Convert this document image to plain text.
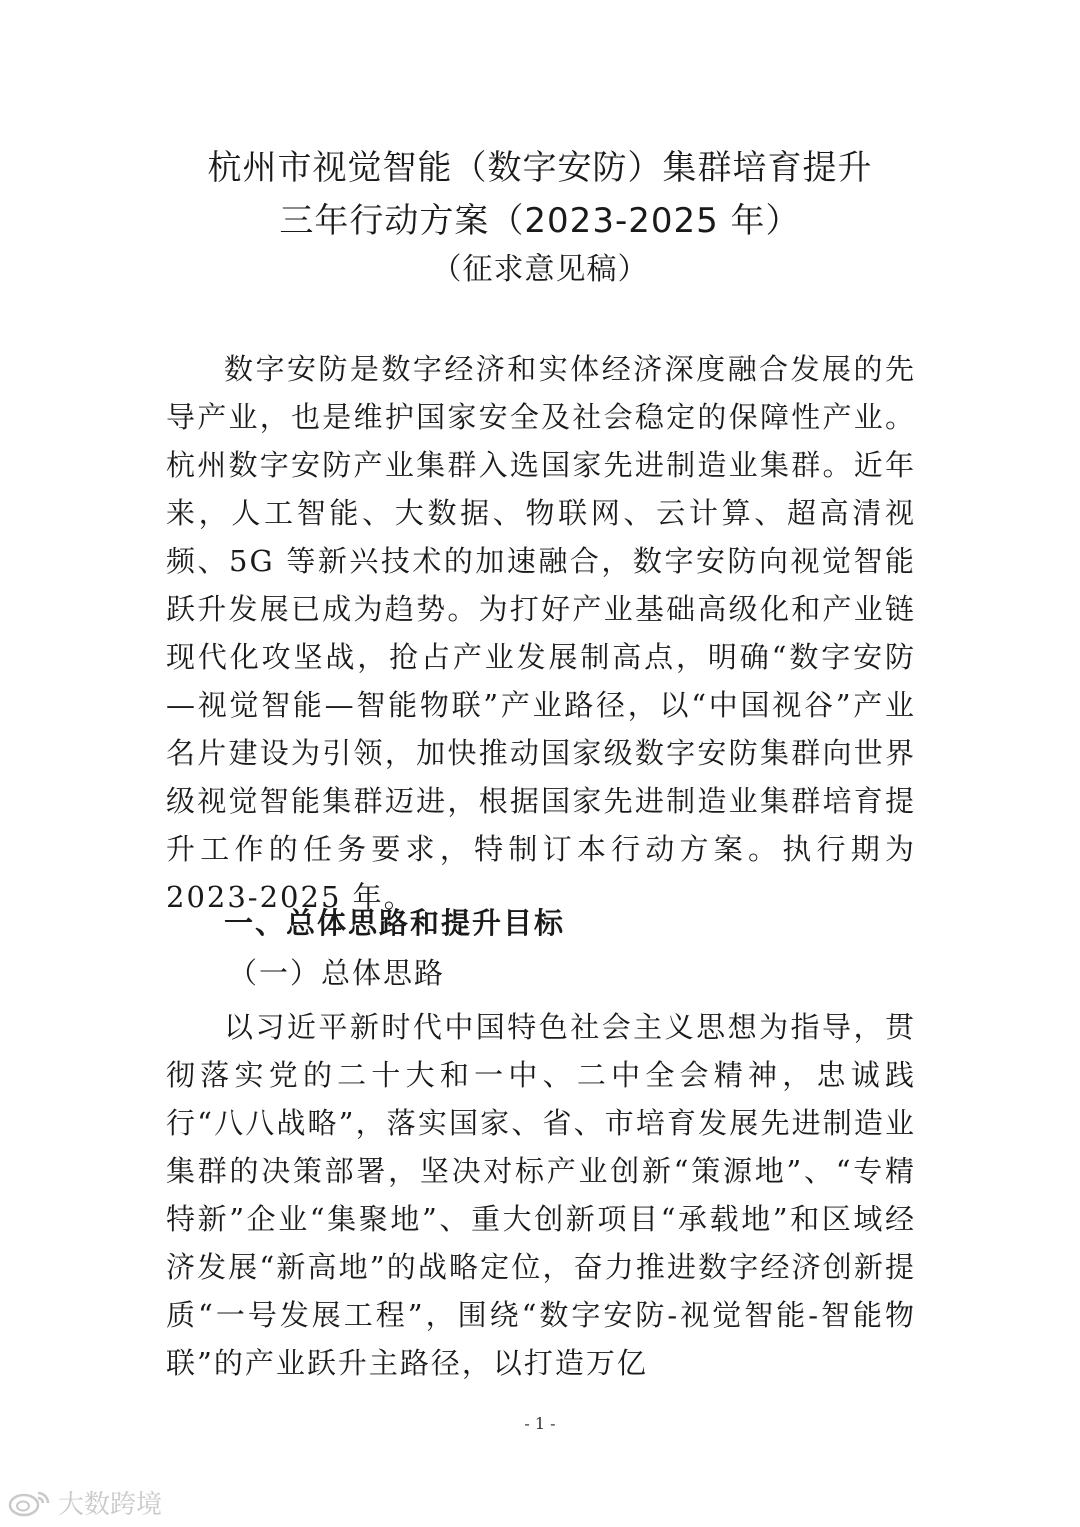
杭州市视觉智能（数字安防）集群培育提升
三年行动方案（2023-2025 年）
（征求意见稿）
数字安防是数字经济和实体经济深度融合发展的先导产业，也是维护国家安全及社会稳定的保障性产业。杭州数字安防产业集群入选国家先进制造业集群。近年来，人工智能、大数据、物联网、云计算、超高清视频、5G 等新兴技术的加速融合，数字安防向视觉智能跃升发展已成为趋势。为打好产业基础高级化和产业链现代化攻坚战，抢占产业发展制高点，明确“数字安防—视觉智能—智能物联”产业路径，以“中国视谷”产业名片建设为引领，加快推动国家级数字安防集群向世界级视觉智能集群迈进，根据国家先进制造业集群培育提升工作的任务要求，特制订本行动方案。执行期为 2023-2025 年。
一、总体思路和提升目标
（一）总体思路
以习近平新时代中国特色社会主义思想为指导，贯彻落实党的二十大和一中、二中全会精神，忠诚践行“八八战略”，落实国家、省、市培育发展先进制造业集群的决策部署，坚决对标产业创新“策源地”、“专精特新”企业“集聚地”、重大创新项目“承载地”和区域经济发展“新高地”的战略定位，奋力推进数字经济创新提质“一号发展工程”，围绕“数字安防-视觉智能-智能物联”的产业跃升主路径，以打造万亿
- 1 -
大数跨境
